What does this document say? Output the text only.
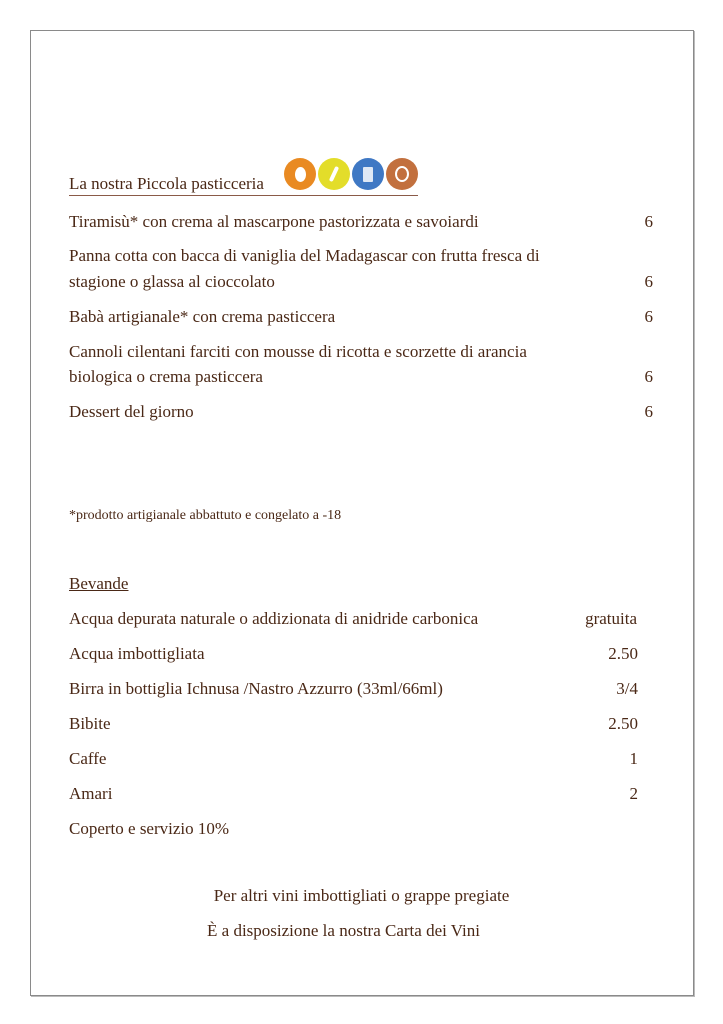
La nostra Piccola pasticceria
Tiramisù* con crema al mascarpone pastorizzata e savoiardi	6
Panna cotta con bacca di vaniglia del Madagascar con frutta fresca di
stagione o glassa al cioccolato	6
Babà artigianale* con crema pasticcera	6
Cannoli cilentani farciti con mousse di ricotta e scorzette di arancia
biologica o crema pasticcera	6
Dessert del giorno	6
*prodotto artigianale abbattuto e congelato a -18
Bevande
Acqua depurata naturale o addizionata di anidride carbonica	gratuita
Acqua imbottigliata	2.50
Birra in bottiglia Ichnusa /Nastro Azzurro (33ml/66ml)	3/4
Bibite	2.50
Caffe	1
Amari	2
Coperto e servizio 10%
Per altri vini imbottigliati o grappe pregiate
È a disposizione la nostra Carta dei Vini
